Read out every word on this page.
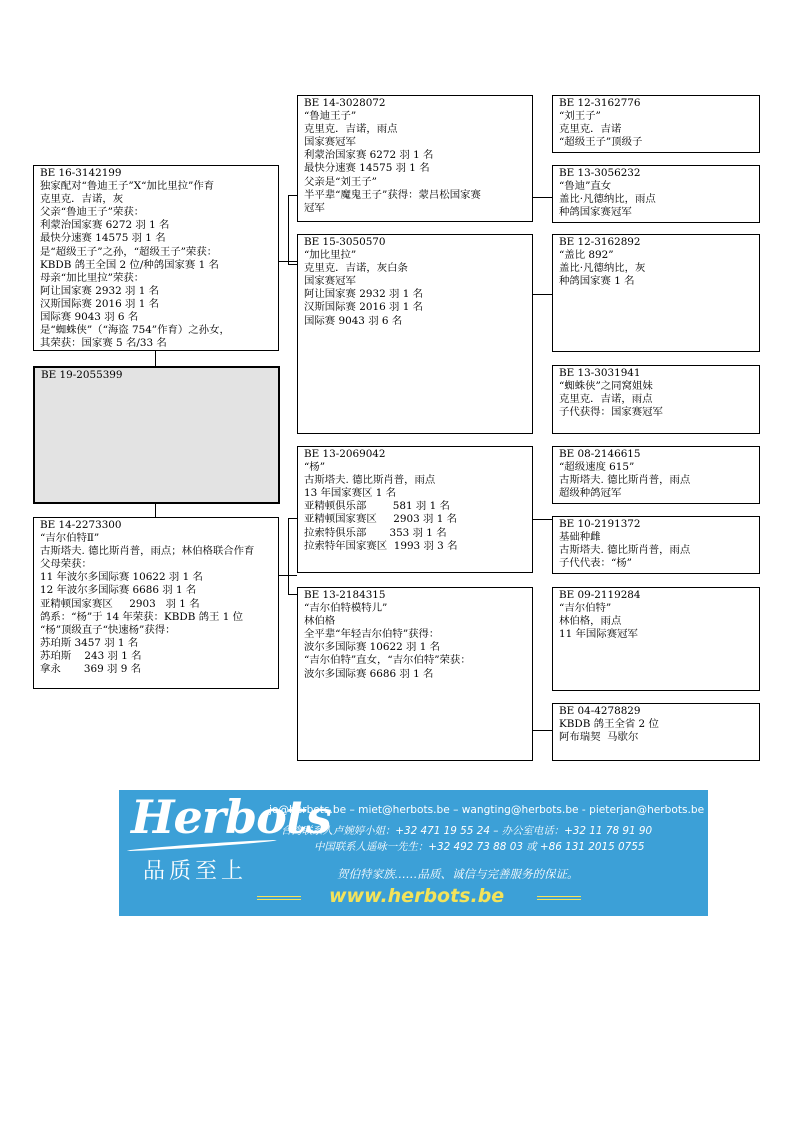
BE 16-3142199
独家配对“鲁迪王子”X“加比里拉”作育
克里克．吉诺，灰
父亲“鲁迪王子”荣获：
利蒙治国家赛 6272 羽 1 名
最快分速赛 14575 羽 1 名
是“超级王子”之孙，“超级王子”荣获：
KBDB 鸽王全国 2 位/种鸽国家赛 1 名
母亲“加比里拉”荣获：
阿让国家赛 2932 羽 1 名
汉斯国际赛 2016 羽 1 名
国际赛 9043 羽 6 名
是“蜘蛛侠”（“海盗 754”作育）之孙女，
其荣获：国家赛 5 名/33 名
BE 19-2055399
BE 14-2273300
“吉尔伯特Ⅱ”
古斯塔夫. 德比斯肖普，雨点；林伯格联合作育
父母荣获：
11 年波尔多国际赛 10622 羽 1 名
12 年波尔多国际赛 6686 羽 1 名
亚精顿国家赛区     2903   羽 1 名
鸽系：“杨”于 14 年荣获：KBDB 鸽王 1 位
“杨”顶级直子“快速杨”获得：
苏珀斯 3457 羽 1 名
苏珀斯    243 羽 1 名
拿永       369 羽 9 名
BE 14-3028072
“鲁迪王子”
克里克．吉诺，雨点
国家赛冠军
利蒙治国家赛 6272 羽 1 名
最快分速赛 14575 羽 1 名
父亲是“刘王子”
半平辈“魔鬼王子”获得：蒙吕松国家赛
冠军
BE 15-3050570
“加比里拉”
克里克．吉诺，灰白条
国家赛冠军
阿让国家赛 2932 羽 1 名
汉斯国际赛 2016 羽 1 名
国际赛 9043 羽 6 名
BE 13-2069042
“杨”
古斯塔夫. 德比斯肖普，雨点
13 年国家赛区 1 名
亚精顿俱乐部        581 羽 1 名
亚精顿国家赛区     2903 羽 1 名
拉索特俱乐部       353 羽 1 名
拉索特年国家赛区  1993 羽 3 名
BE 13-2184315
“吉尔伯特模特儿”
林伯格
全平辈“年轻吉尔伯特”获得：
波尔多国际赛 10622 羽 1 名
“吉尔伯特”直女，“吉尔伯特”荣获：
波尔多国际赛 6686 羽 1 名
BE 12-3162776
“刘王子”
克里克．吉诺
“超级王子”顶级子
BE 13-3056232
“鲁迪”直女
盖比·凡德纳比，雨点
种鸽国家赛冠军
BE 12-3162892
“盖比 892”
盖比·凡德纳比，灰
种鸽国家赛 1 名
BE 13-3031941
“蜘蛛侠”之同窝姐妹
克里克．吉诺，雨点
子代获得：国家赛冠军
BE 08-2146615
“超级速度 615”
古斯塔夫. 德比斯肖普，雨点
超级种鸽冠军
BE 10-2191372
基础种雌
古斯塔夫. 德比斯肖普，雨点
子代代表：“杨”
BE 09-2119284
“吉尔伯特”
林伯格，雨点
11 年国际赛冠军
BE 04-4278829
KBDB 鸽王全省 2 位
阿布瑞契  马歇尔
Herbots
品质至上
jo@herbots.be – miet@herbots.be – wangting@herbots.be - pieterjan@herbots.be
台湾联系人卢婉婷小姐：+32 471 19 55 24 – 办公室电话：+32 11 78 91 90
中国联系人遥咏一先生：+32 492 73 88 03 或 +86 131 2015 0755
贺伯特家族……品质、诚信与完善服务的保证。
www.herbots.be
